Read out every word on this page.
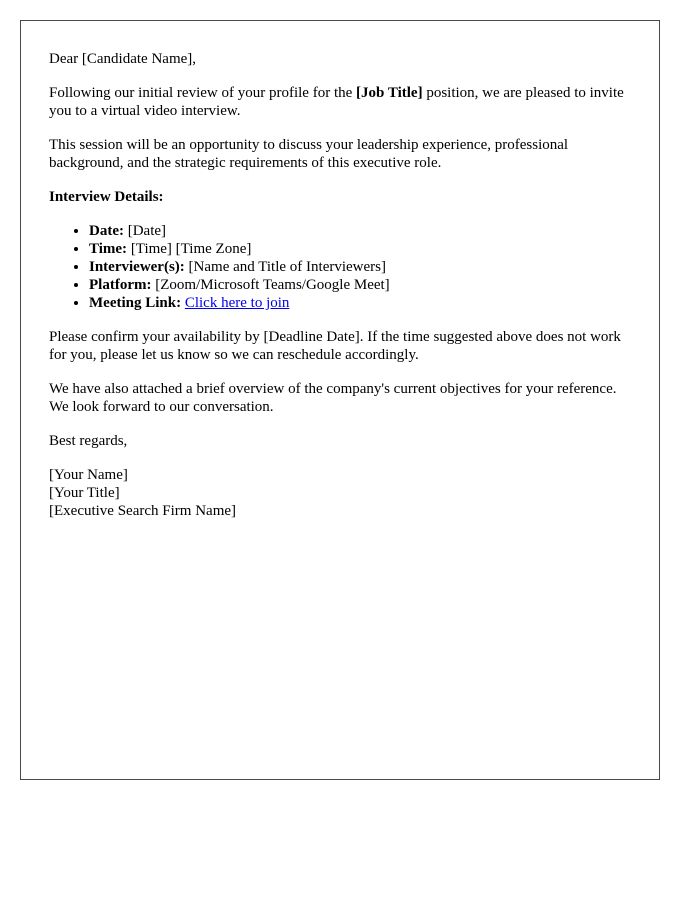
Dear [Candidate Name],

Following our initial review of your profile for the [Job Title] position, we are pleased to invite you to a virtual video interview.

This session will be an opportunity to discuss your leadership experience, professional background, and the strategic requirements of this executive role.

Interview Details:
• Date: [Date]
• Time: [Time] [Time Zone]
• Interviewer(s): [Name and Title of Interviewers]
• Platform: [Zoom/Microsoft Teams/Google Meet]
• Meeting Link: Click here to join

Please confirm your availability by [Deadline Date]. If the time suggested above does not work for you, please let us know so we can reschedule accordingly.

We have also attached a brief overview of the company's current objectives for your reference. We look forward to our conversation.

Best regards,

[Your Name]
[Your Title]
[Executive Search Firm Name]
